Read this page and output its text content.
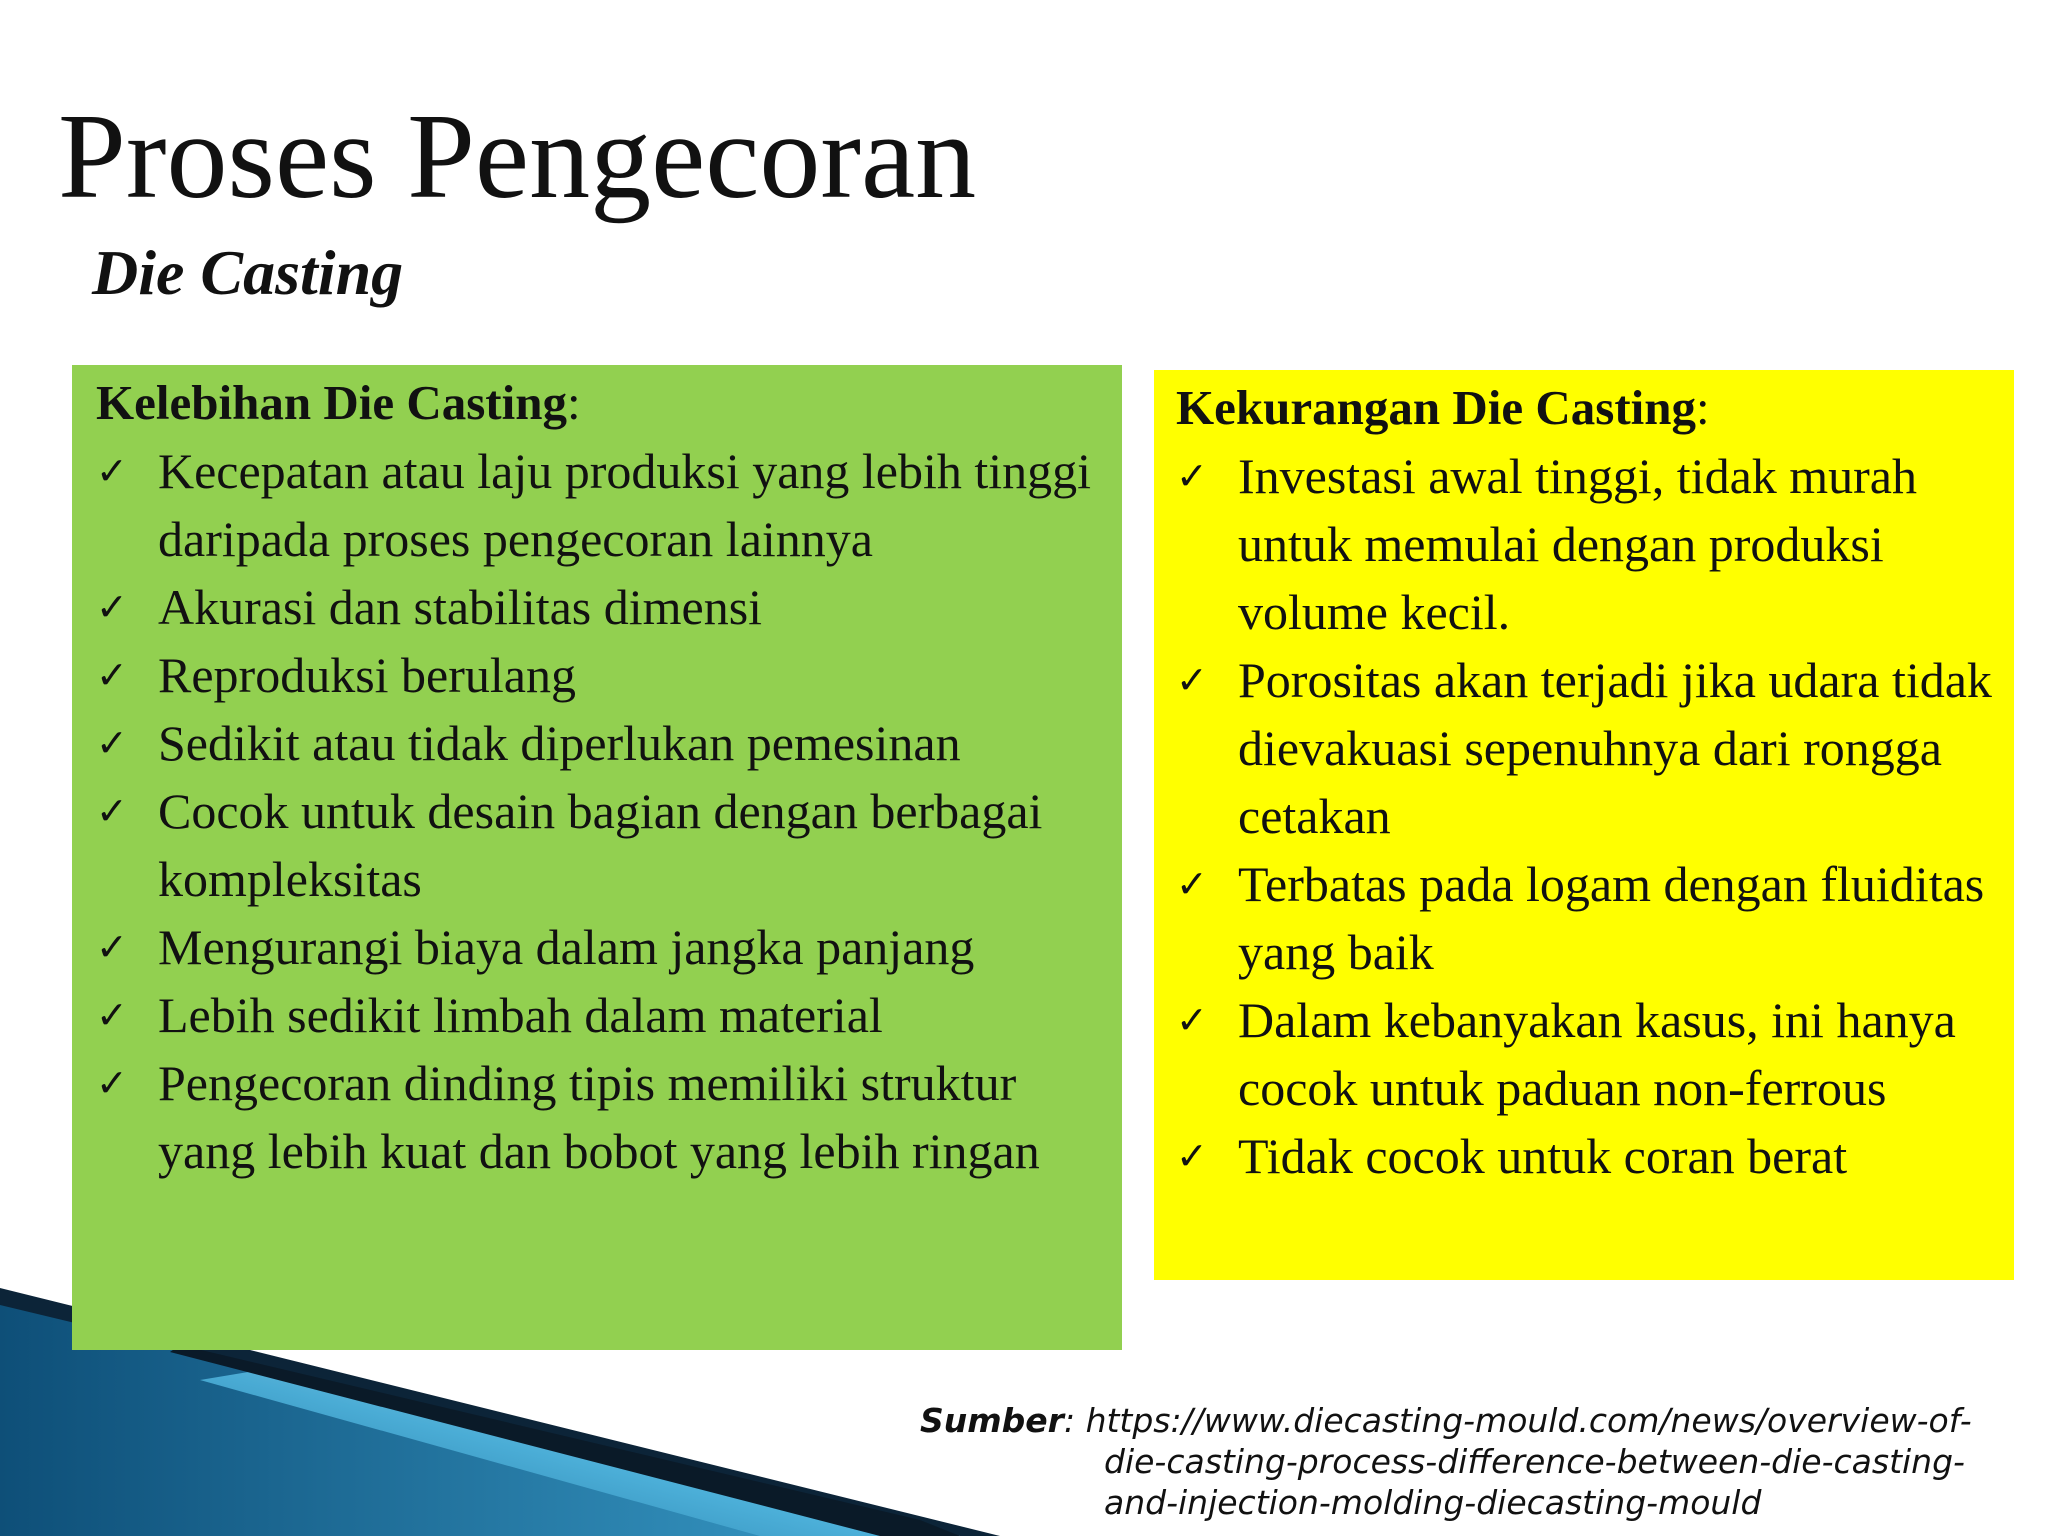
Proses Pengecoran
Die Casting

Kelebihan Die Casting:

✓ Kecepatan atau laju produksi yang lebih tinggi daripada proses pengecoran lainnya
✓ Akurasi dan stabilitas dimensi
✓ Reproduksi berulang
✓ Sedikit atau tidak diperlukan pemesinan
✓ Cocok untuk desain bagian dengan berbagai kompleksitas
✓ Mengurangi biaya dalam jangka panjang
✓ Lebih sedikit limbah dalam material
✓ Pengecoran dinding tipis memiliki struktur yang lebih kuat dan bobot yang lebih ringan

Kekurangan Die Casting:

✓ Investasi awal tinggi, tidak murah untuk memulai dengan produksi volume kecil.
✓ Porositas akan terjadi jika udara tidak dievakuasi sepenuhnya dari rongga cetakan
✓ Terbatas pada logam dengan fluiditas yang baik
✓ Dalam kebanyakan kasus, ini hanya cocok untuk paduan non-ferrous
✓ Tidak cocok untuk coran berat
Sumber: https://www.diecasting-mould.com/news/overview-of-
die-casting-process-difference-between-die-casting-
and-injection-molding-diecasting-mould
